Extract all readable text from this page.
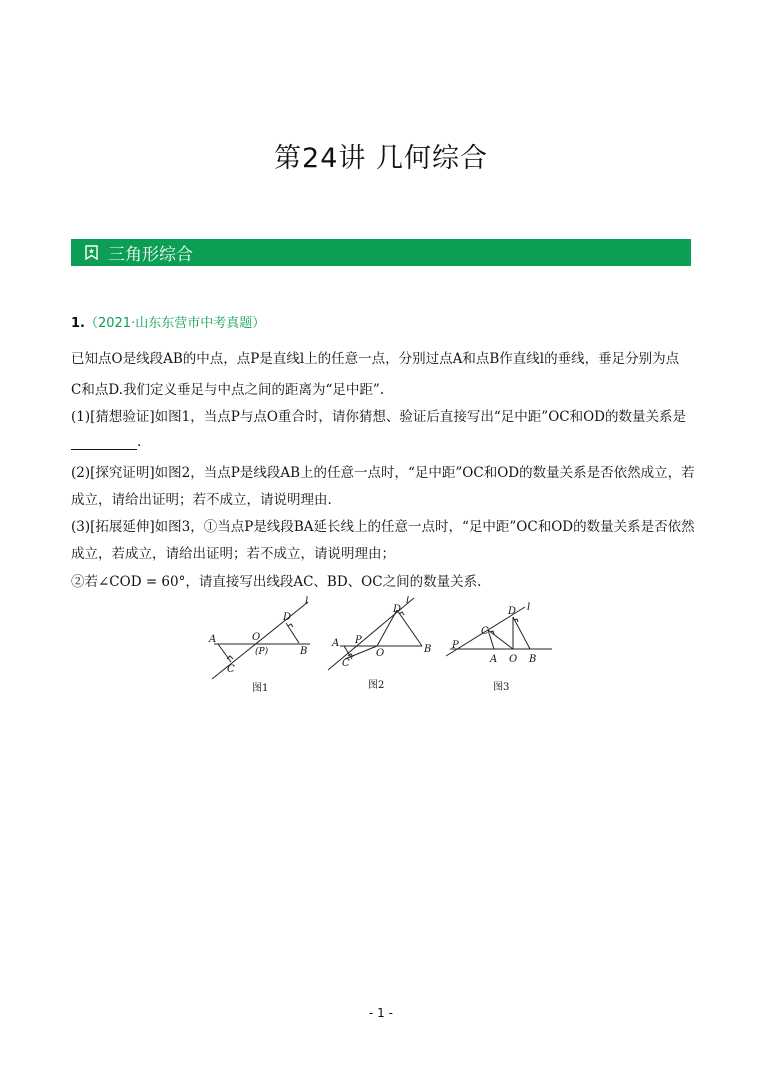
第24讲 几何综合
三角形综合
1.（2021·山东东营市中考真题）
已知点O是线段AB的中点，点P是直线l上的任意一点，分别过点A和点B作直线l的垂线，垂足分别为点
C和点D.我们定义垂足与中点之间的距离为“足中距”.
(1)[猜想验证]如图1，当点P与点O重合时，请你猜想、验证后直接写出“足中距”OC和OD的数量关系是
.
(2)[探究证明]如图2，当点P是线段AB上的任意一点时，“足中距”OC和OD的数量关系是否依然成立，若
成立，请给出证明；若不成立，请说明理由.
(3)[拓展延伸]如图3，①当点P是线段BA延长线上的任意一点时，“足中距”OC和OD的数量关系是否依然
成立，若成立，请给出证明；若不成立，请说明理由；
②若∠COD = 60°，请直接写出线段AC、BD、OC之间的数量关系.
A	O
(P)	B
C
D
l
图1
A P
O	B
C
D
l
图2
P
C
A O B
D l
图3
- 1 -
